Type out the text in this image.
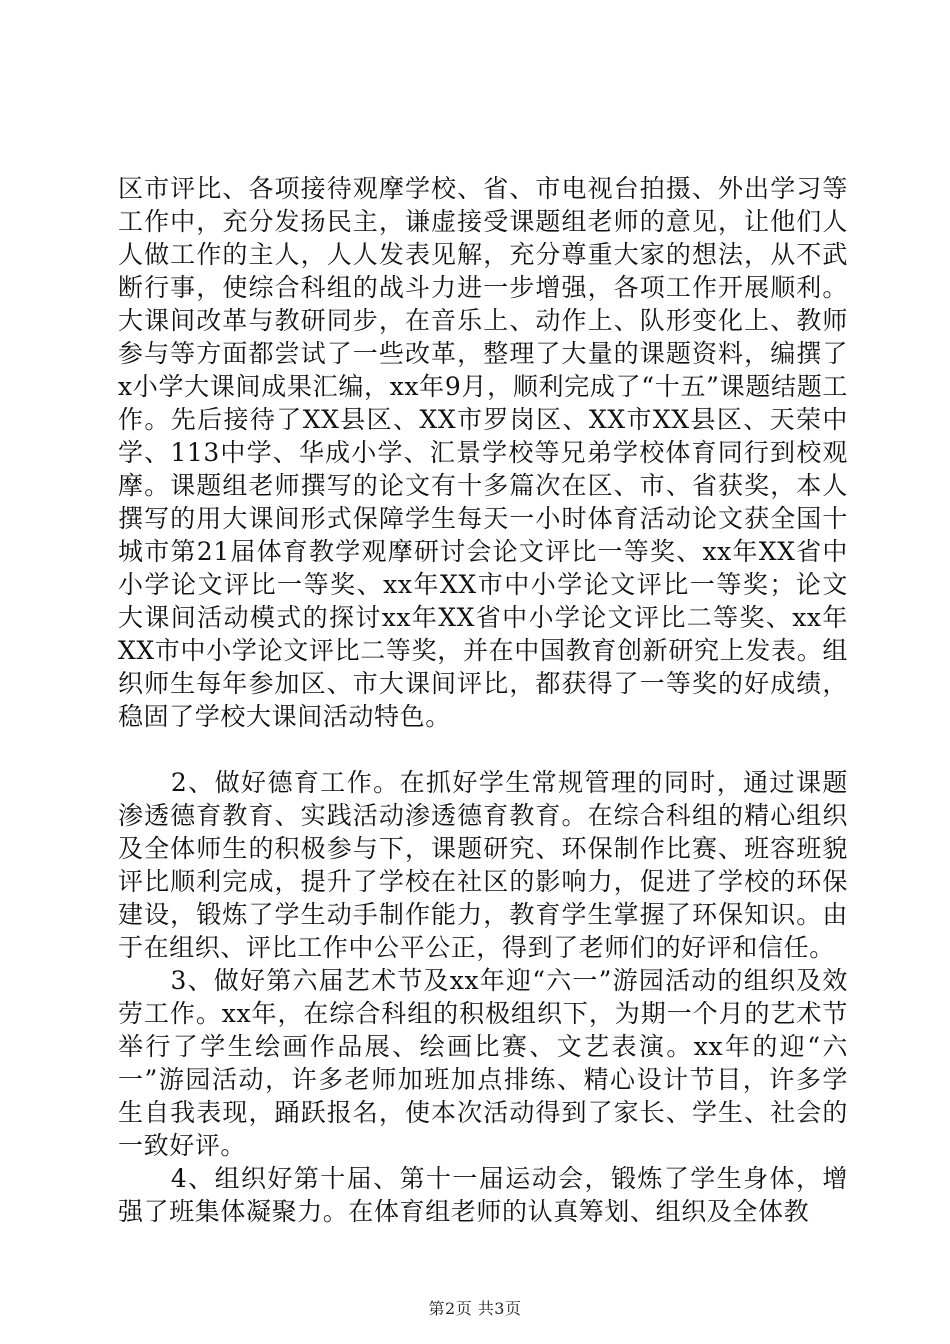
区市评比、各项接待观摩学校、省、市电视台拍摄、外出学习等工作中，充分发扬民主，谦虚接受课题组老师的意见，让他们人人做工作的主人，人人发表见解，充分尊重大家的想法，从不武断行事，使综合科组的战斗力进一步增强，各项工作开展顺利。大课间改革与教研同步，在音乐上、动作上、队形变化上、教师参与等方面都尝试了一些改革，整理了大量的课题资料，编撰了x小学大课间成果汇编，xx年9月，顺利完成了“十五”课题结题工作。先后接待了XX县区、XX市罗岗区、XX市XX县区、天荣中学、113中学、华成小学、汇景学校等兄弟学校体育同行到校观摩。课题组老师撰写的论文有十多篇次在区、市、省获奖，本人撰写的用大课间形式保障学生每天一小时体育活动论文获全国十城市第21届体育教学观摩研讨会论文评比一等奖、xx年XX省中小学论文评比一等奖、xx年XX市中小学论文评比一等奖；论文大课间活动模式的探讨xx年XX省中小学论文评比二等奖、xx年XX市中小学论文评比二等奖，并在中国教育创新研究上发表。组织师生每年参加区、市大课间评比，都获得了一等奖的好成绩，稳固了学校大课间活动特色。

　　2、做好德育工作。在抓好学生常规管理的同时，通过课题渗透德育教育、实践活动渗透德育教育。在综合科组的精心组织及全体师生的积极参与下，课题研究、环保制作比赛、班容班貌评比顺利完成，提升了学校在社区的影响力，促进了学校的环保建设，锻炼了学生动手制作能力，教育学生掌握了环保知识。由于在组织、评比工作中公平公正，得到了老师们的好评和信任。

　　3、做好第六届艺术节及xx年迎“六一”游园活动的组织及效劳工作。xx年，在综合科组的积极组织下，为期一个月的艺术节举行了学生绘画作品展、绘画比赛、文艺表演。xx年的迎“六一”游园活动，许多老师加班加点排练、精心设计节目，许多学生自我表现，踊跃报名，使本次活动得到了家长、学生、社会的一致好评。

　　4、组织好第十届、第十一届运动会，锻炼了学生身体，增强了班集体凝聚力。在体育组老师的认真筹划、组织及全体教

第2页 共3页
